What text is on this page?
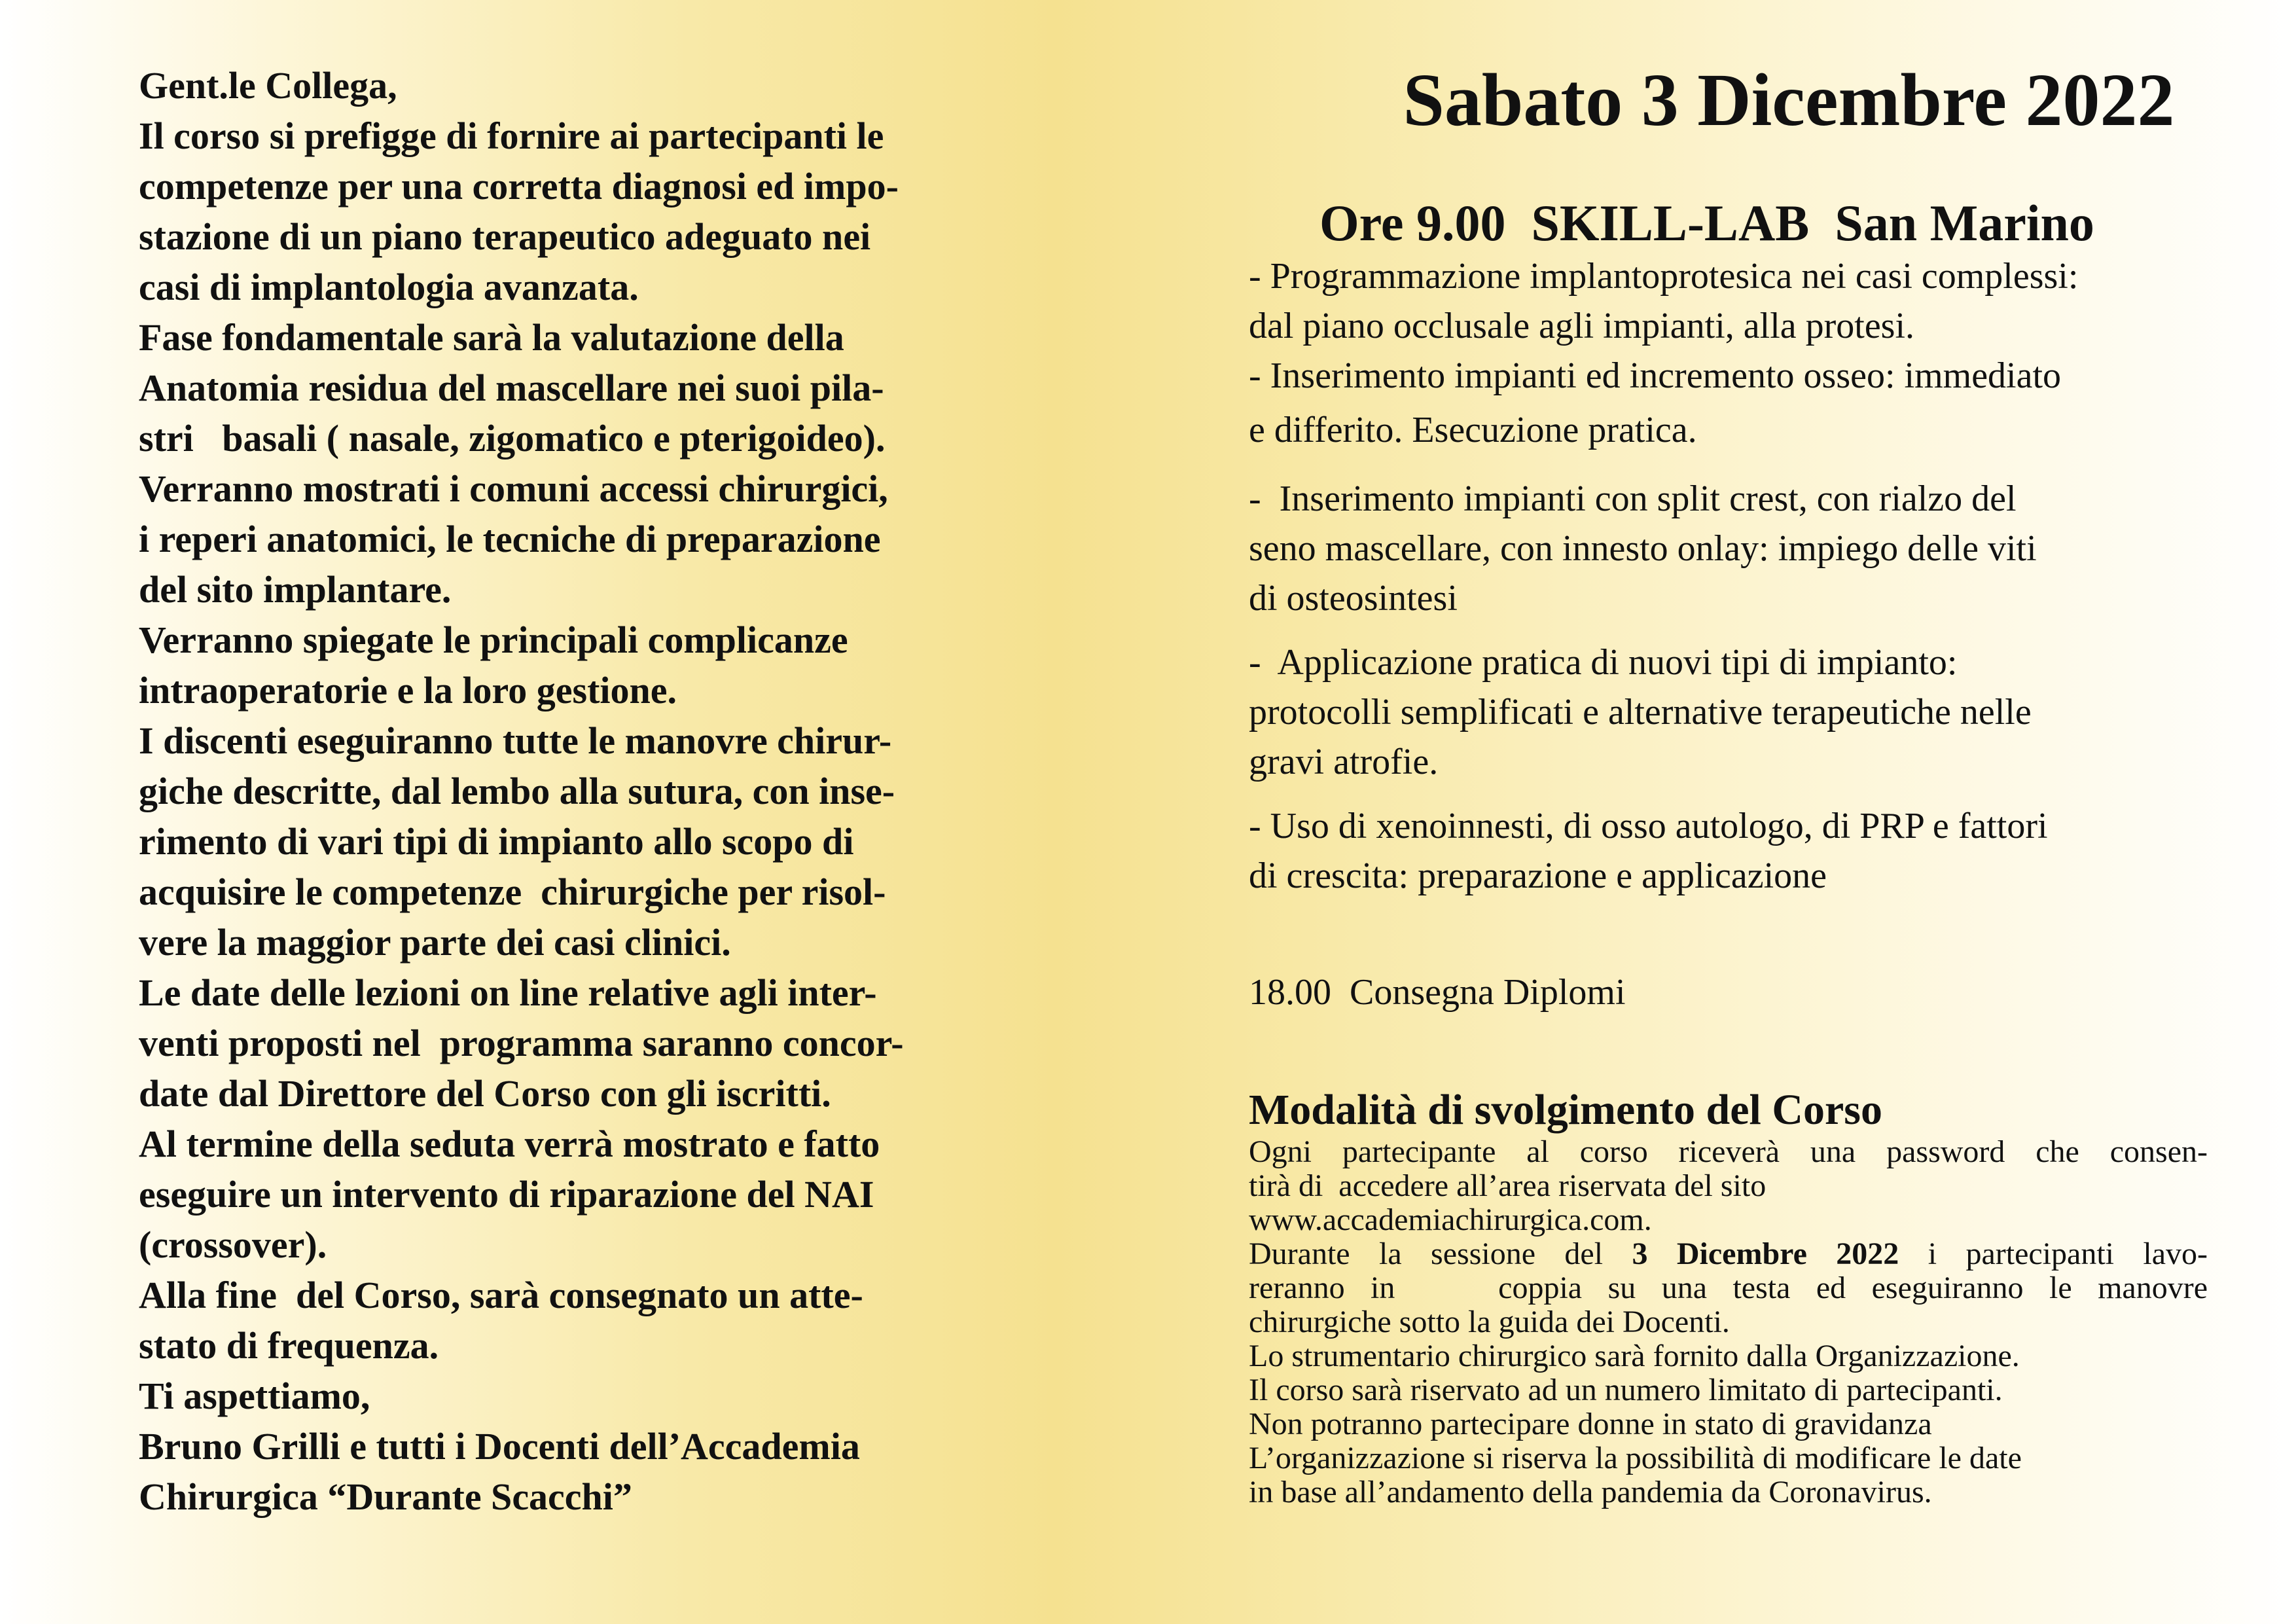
Gent.le Collega,
Il corso si prefigge di fornire ai partecipanti le
competenze per una corretta diagnosi ed impo-
stazione di un piano terapeutico adeguato nei
casi di implantologia avanzata.
Fase fondamentale sarà la valutazione della
Anatomia residua del mascellare nei suoi pila-
stri   basali ( nasale, zigomatico e pterigoideo).
Verranno mostrati i comuni accessi chirurgici,
i reperi anatomici, le tecniche di preparazione
del sito implantare.
Verranno spiegate le principali complicanze
intraoperatorie e la loro gestione.
I discenti eseguiranno tutte le manovre chirur-
giche descritte, dal lembo alla sutura, con inse-
rimento di vari tipi di impianto allo scopo di
acquisire le competenze  chirurgiche per risol-
vere la maggior parte dei casi clinici.
Le date delle lezioni on line relative agli inter-
venti proposti nel  programma saranno concor-
date dal Direttore del Corso con gli iscritti.
Al termine della seduta verrà mostrato e fatto
eseguire un intervento di riparazione del NAI
(crossover).
Alla fine  del Corso, sarà consegnato un atte-
stato di frequenza.
Ti aspettiamo,
Bruno Grilli e tutti i Docenti dell’Accademia
Chirurgica “Durante Scacchi”
Sabato 3 Dicembre 2022
Ore 9.00  SKILL-LAB  San Marino
- Programmazione implantoprotesica nei casi complessi:
dal piano occlusale agli impianti, alla protesi.
- Inserimento impianti ed incremento osseo: immediato
e differito. Esecuzione pratica.
-  Inserimento impianti con split crest, con rialzo del
seno mascellare, con innesto onlay: impiego delle viti
di osteosintesi
-  Applicazione pratica di nuovi tipi di impianto:
protocolli semplificati e alternative terapeutiche nelle
gravi atrofie.
- Uso di xenoinnesti, di osso autologo, di PRP e fattori
di crescita: preparazione e applicazione
18.00  Consegna Diplomi
Modalità di svolgimento del Corso
Ogni partecipante al corso riceverà una password che consen-
tirà di  accedere all’area riservata del sito
www.accademiachirurgica.com.
Durante la sessione del 3 Dicembre 2022 i partecipanti lavo-
reranno in    coppia su una testa ed eseguiranno le manovre
chirurgiche sotto la guida dei Docenti.
Lo strumentario chirurgico sarà fornito dalla Organizzazione.
Il corso sarà riservato ad un numero limitato di partecipanti.
Non potranno partecipare donne in stato di gravidanza
L’organizzazione si riserva la possibilità di modificare le date
in base all’andamento della pandemia da Coronavirus.
